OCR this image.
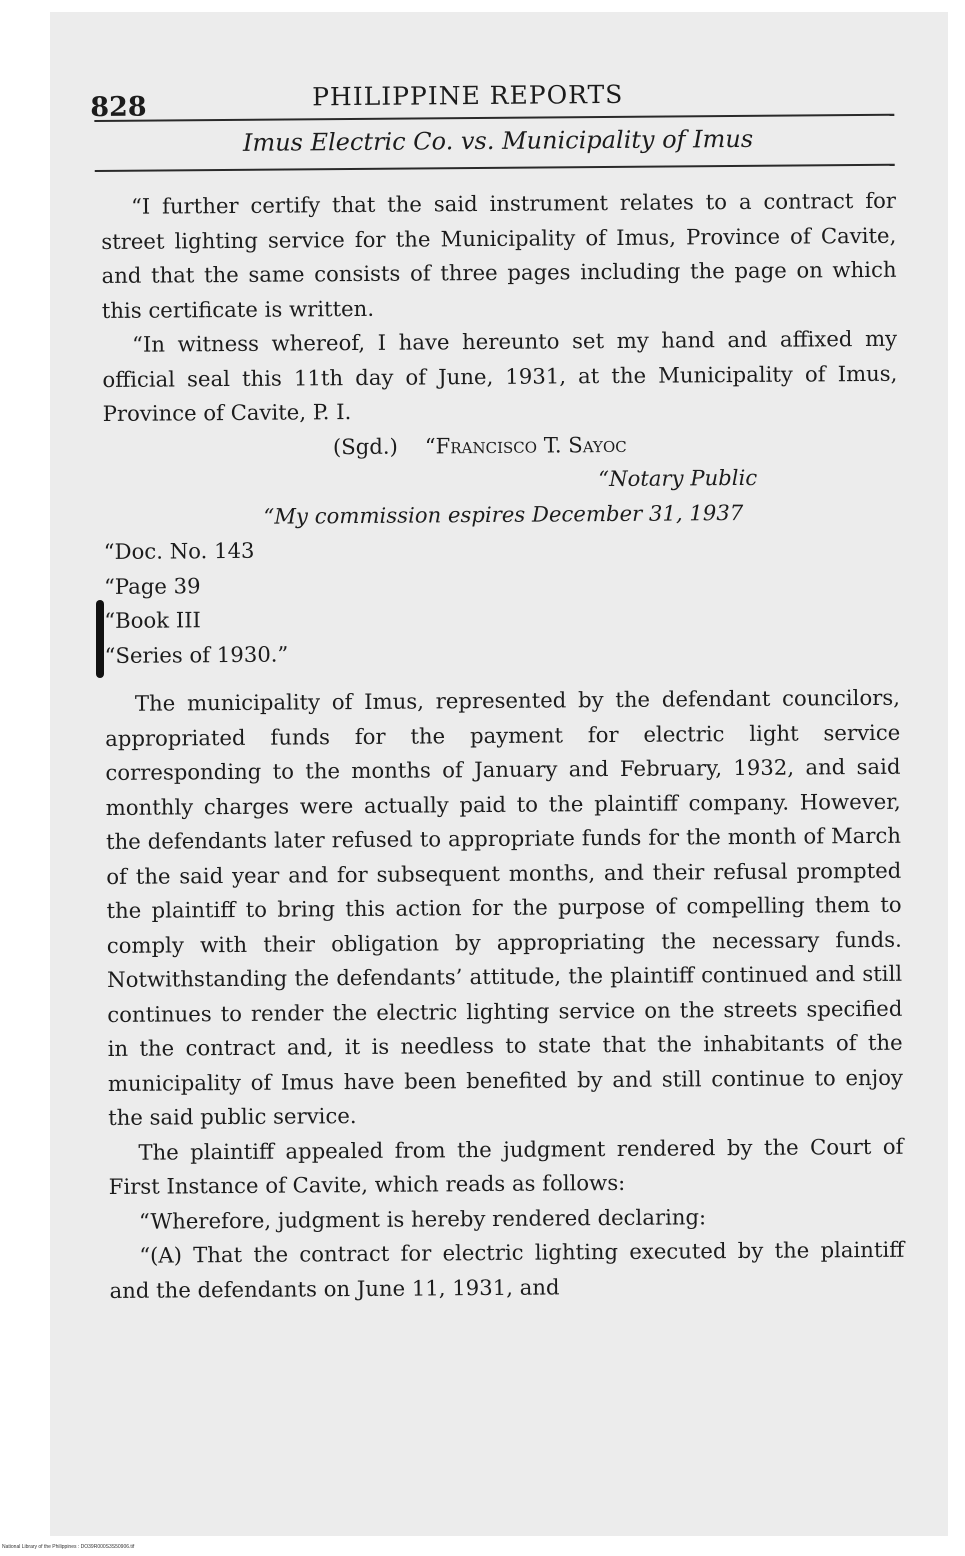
828	PHILIPPINE REPORTS
Imus Electric Co. vs. Municipality of Imus

“I further certify that the said instrument relates to a contract for street lighting service for the Municipality of Imus, Province of Cavite, and that the same consists of three pages including the page on which this certificate is written.

“In witness whereof, I have hereunto set my hand and affixed my official seal this 11th day of June, 1931, at the Municipality of Imus, Province of Cavite, P. I.

(Sgd.) “Francisco T. Sayoc

“Notary Public

“My commission espires December 31, 1937

“Doc. No. 143

“Page 39

“Book III

“Series of 1930.”

The municipality of Imus, represented by the defendant councilors, appropriated funds for the payment for electric light service corresponding to the months of January and February, 1932, and said monthly charges were actually paid to the plaintiff company. However, the defendants later refused to appropriate funds for the month of March of the said year and for subsequent months, and their refusal prompted the plaintiff to bring this action for the purpose of compelling them to comply with their obligation by appropriating the necessary funds. Notwithstanding the defendants’ attitude, the plaintiff continued and still continues to render the electric lighting service on the streets specified in the contract and, it is needless to state that the inhabitants of the municipality of Imus have been benefited by and still continue to enjoy the said public service.

The plaintiff appealed from the judgment rendered by the Court of First Instance of Cavite, which reads as follows:

“Wherefore, judgment is hereby rendered declaring:

“(A) That the contract for electric lighting executed by the plaintiff and the defendants on June 11, 1931, and

National Library of the Philippines : DO39R000S3S50906.tif
